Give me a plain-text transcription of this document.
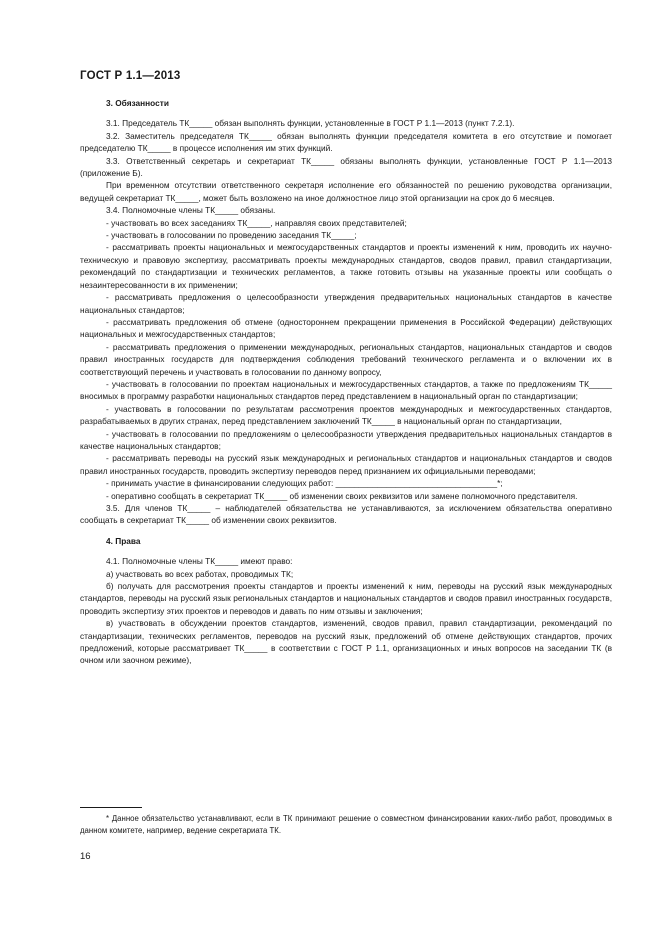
ГОСТ Р 1.1—2013

3. Обязанности

3.1. Председатель ТК_____ обязан выполнять функции, установленные в ГОСТ Р 1.1—2013 (пункт 7.2.1).

3.2. Заместитель председателя ТК_____ обязан выполнять функции председателя комитета в его отсутствие и помогает председателю ТК_____ в процессе исполнения им этих функций.

3.3. Ответственный секретарь и секретариат ТК_____ обязаны выполнять функции, установленные ГОСТ Р 1.1—2013 (приложение Б).

При временном отсутствии ответственного секретаря исполнение его обязанностей по решению руководства организации, ведущей секретариат ТК_____, может быть возложено на иное должностное лицо этой организации на срок до 6 месяцев.

3.4. Полномочные члены ТК_____ обязаны.

- участвовать во всех заседаниях ТК_____, направляя своих представителей;

- участвовать в голосовании по проведению заседания ТК_____;

- рассматривать проекты национальных и межгосударственных стандартов и проекты изменений к ним, проводить их научно-техническую и правовую экспертизу, рассматривать проекты международных стандартов, сводов правил, правил стандартизации, рекомендаций по стандартизации и технических регламентов, а также готовить отзывы на указанные проекты или сообщать о незаинтересованности в их применении;

- рассматривать предложения о целесообразности утверждения предварительных национальных стандартов в качестве национальных стандартов;

- рассматривать предложения об отмене (одностороннем прекращении применения в Российской Федерации) действующих национальных и межгосударственных стандартов;

- рассматривать предложения о применении международных, региональных стандартов, национальных стандартов и сводов правил иностранных государств для подтверждения соблюдения требований технического регламента и о включении их в соответствующий перечень и участвовать в голосовании по данному вопросу,

- участвовать в голосовании по проектам национальных и межгосударственных стандартов, а также по предложениям ТК_____ вносимых в программу разработки национальных стандартов перед представлением в национальный орган по стандартизации;

- участвовать в голосовании по результатам рассмотрения проектов международных и межгосударственных стандартов, разрабатываемых в других странах, перед представлением заключений ТК_____ в национальный орган по стандартизации,

- участвовать в голосовании по предложениям о целесообразности утверждения предварительных национальных стандартов в качестве национальных стандартов;

- рассматривать переводы на русский язык международных и региональных стандартов и национальных стандартов и сводов правил иностранных государств, проводить экспертизу переводов перед признанием их официальными переводами;

- принимать участие в финансировании следующих работ: ___________________________________*;

- оперативно сообщать в секретариат ТК_____ об изменении своих реквизитов или замене полномочного представителя.

3.5. Для членов ТК_____ – наблюдателей обязательства не устанавливаются, за исключением обязательства оперативно сообщать в секретариат ТК_____ об изменении своих реквизитов.

4. Права

4.1. Полномочные члены ТК_____ имеют право:

а) участвовать во всех работах, проводимых ТК;

б) получать для рассмотрения проекты стандартов и проекты изменений к ним, переводы на русский язык международных стандартов, переводы на русский язык региональных стандартов и национальных стандартов и сводов правил иностранных государств, проводить экспертизу этих проектов и переводов и давать по ним отзывы и заключения;

в) участвовать в обсуждении проектов стандартов, изменений, сводов правил, правил стандартизации, рекомендаций по стандартизации, технических регламентов, переводов на русский язык, предложений об отмене действующих стандартов, прочих предложений, которые рассматривает ТК_____ в соответствии с ГОСТ Р 1.1, организационных и иных вопросов на заседании ТК (в очном или заочном режиме),

* Данное обязательство устанавливают, если в ТК принимают решение о совместном финансировании каких-либо работ, проводимых в данном комитете, например, ведение секретариата ТК.
16
